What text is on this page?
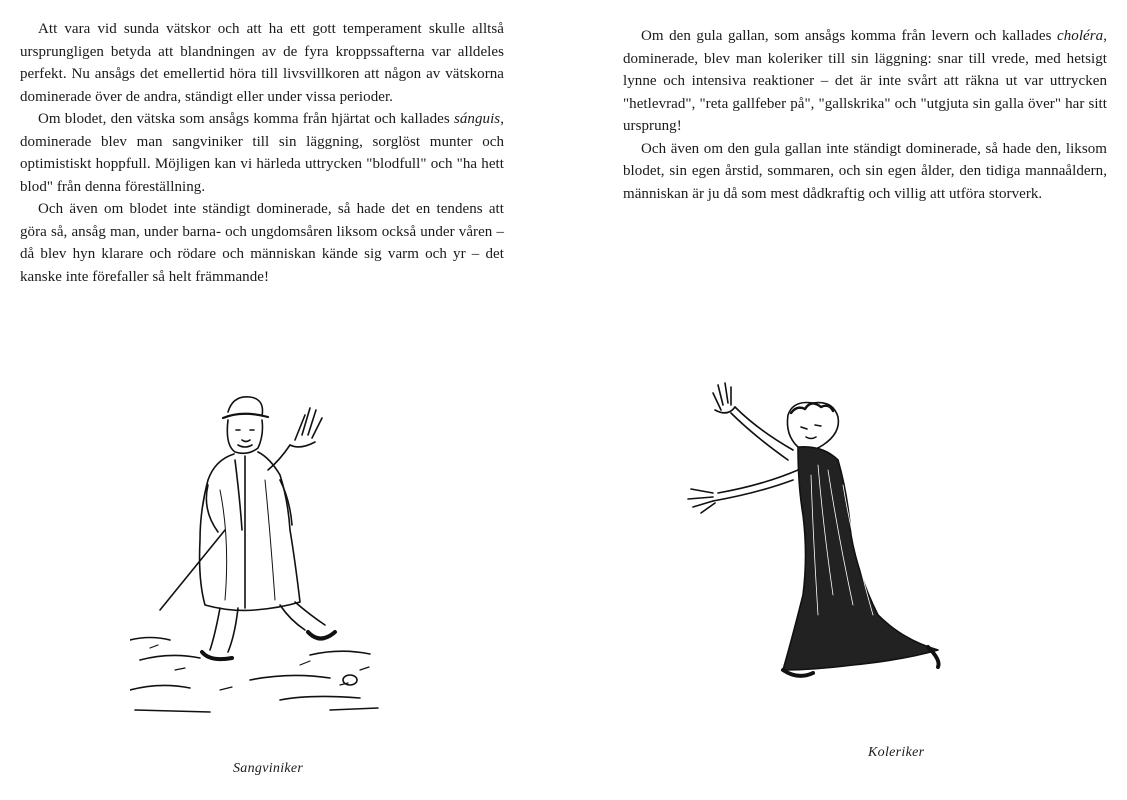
Att vara vid sunda vätskor och att ha ett gott temperament skulle alltså ursprungligen betyda att blandningen av de fyra kroppssafterna var alldeles perfekt. Nu ansågs det emellertid höra till livsvillkoren att någon av vätskorna dominerade över de andra, ständigt eller under vissa perioder.

Om blodet, den vätska som ansågs komma från hjärtat och kallades sánguis, dominerade blev man sangviniker till sin läggning, sorglöst munter och optimistiskt hoppfull. Möjligen kan vi härleda uttrycken "blodfull" och "ha hett blod" från denna föreställning.

Och även om blodet inte ständigt dominerade, så hade det en tendens att göra så, ansåg man, under barna- och ungdomsåren liksom också under våren – då blev hyn klarare och rödare och människan kände sig varm och yr – det kanske inte förefaller så helt främmande!

Sangviniker

Om den gula gallan, som ansågs komma från levern och kallades choléra, dominerade, blev man koleriker till sin läggning: snar till vrede, med hetsigt lynne och intensiva reaktioner – det är inte svårt att räkna ut var uttrycken "hetlevrad", "reta gallfeber på", "gallskrika" och "utgjuta sin galla över" har sitt ursprung!

Och även om den gula gallan inte ständigt dominerade, så hade den, liksom blodet, sin egen årstid, sommaren, och sin egen ålder, den tidiga mannaåldern, människan är ju då som mest dådkraftig och villig att utföra storverk.

Koleriker
